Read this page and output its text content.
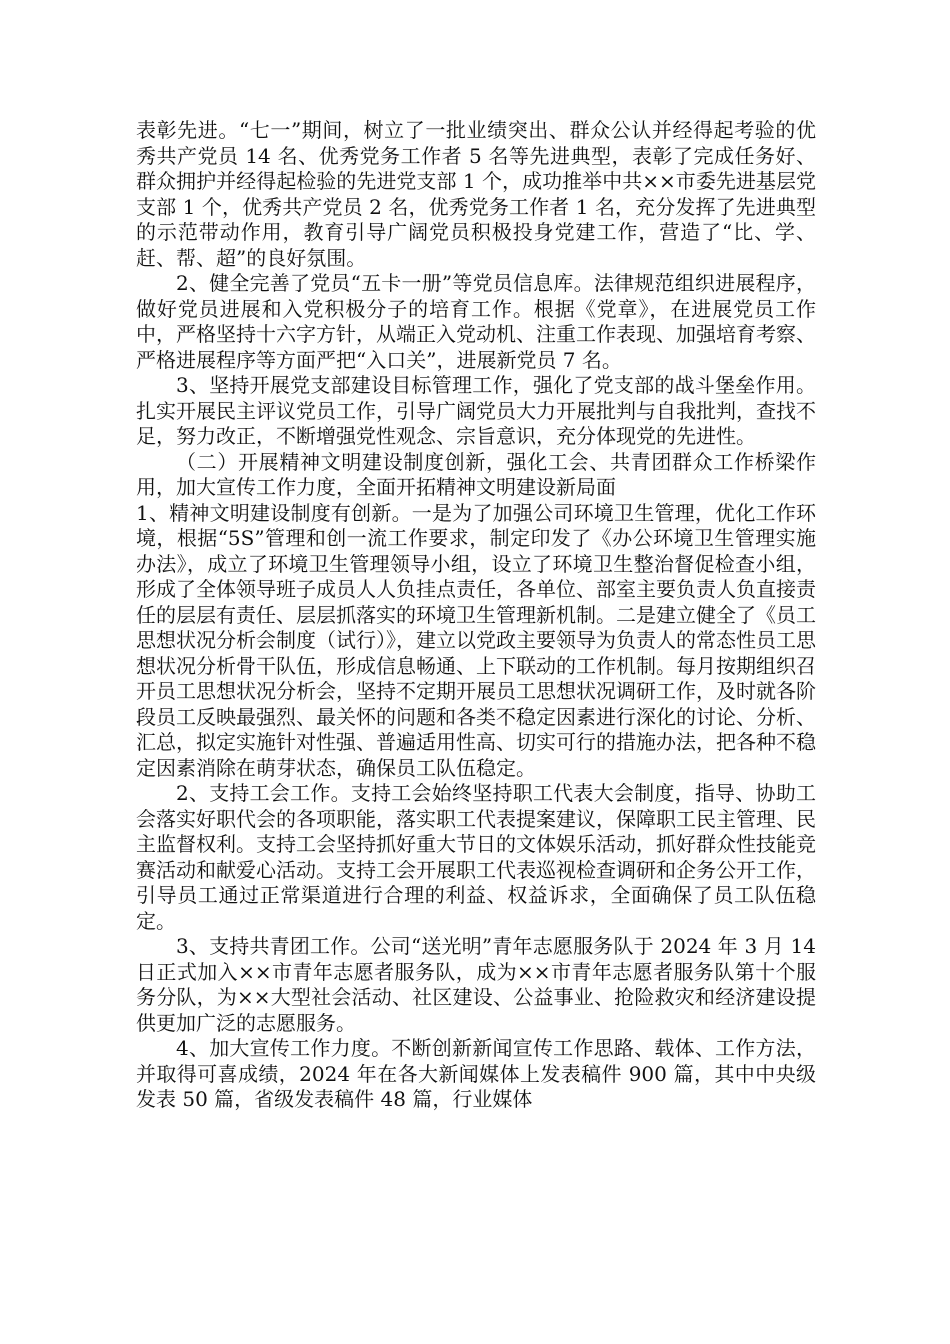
表彰先进。“七一”期间，树立了一批业绩突出、群众公认并经得起考验的优秀共产党员 14 名、优秀党务工作者 5 名等先进典型，表彰了完成任务好、群众拥护并经得起检验的先进党支部 1 个，成功推举中共××市委先进基层党支部 1 个，优秀共产党员 2 名，优秀党务工作者 1 名，充分发挥了先进典型的示范带动作用，教育引导广阔党员积极投身党建工作，营造了“比、学、赶、帮、超”的良好氛围。

2、健全完善了党员“五卡一册”等党员信息库。法律规范组织进展程序，做好党员进展和入党积极分子的培育工作。根据《党章》，在进展党员工作中，严格坚持十六字方针，从端正入党动机、注重工作表现、加强培育考察、严格进展程序等方面严把“入口关”，进展新党员 7 名。

3、坚持开展党支部建设目标管理工作，强化了党支部的战斗堡垒作用。扎实开展民主评议党员工作，引导广阔党员大力开展批判与自我批判，查找不足，努力改正，不断增强党性观念、宗旨意识，充分体现党的先进性。

（二）开展精神文明建设制度创新，强化工会、共青团群众工作桥梁作用，加大宣传工作力度，全面开拓精神文明建设新局面

1、精神文明建设制度有创新。一是为了加强公司环境卫生管理，优化工作环境，根据“5S”管理和创一流工作要求，制定印发了《办公环境卫生管理实施办法》，成立了环境卫生管理领导小组，设立了环境卫生整治督促检查小组，形成了全体领导班子成员人人负挂点责任，各单位、部室主要负责人负直接责任的层层有责任、层层抓落实的环境卫生管理新机制。二是建立健全了《员工思想状况分析会制度（试行）》，建立以党政主要领导为负责人的常态性员工思想状况分析骨干队伍，形成信息畅通、上下联动的工作机制。每月按期组织召开员工思想状况分析会，坚持不定期开展员工思想状况调研工作，及时就各阶段员工反映最强烈、最关怀的问题和各类不稳定因素进行深化的讨论、分析、汇总，拟定实施针对性强、普遍适用性高、切实可行的措施办法，把各种不稳定因素消除在萌芽状态，确保员工队伍稳定。

2、支持工会工作。支持工会始终坚持职工代表大会制度，指导、协助工会落实好职代会的各项职能，落实职工代表提案建议，保障职工民主管理、民主监督权利。支持工会坚持抓好重大节日的文体娱乐活动，抓好群众性技能竞赛活动和献爱心活动。支持工会开展职工代表巡视检查调研和企务公开工作，引导员工通过正常渠道进行合理的利益、权益诉求，全面确保了员工队伍稳定。

3、支持共青团工作。公司“送光明”青年志愿服务队于 2024 年 3 月 14 日正式加入××市青年志愿者服务队，成为××市青年志愿者服务队第十个服务分队，为××大型社会活动、社区建设、公益事业、抢险救灾和经济建设提供更加广泛的志愿服务。

4、加大宣传工作力度。不断创新新闻宣传工作思路、载体、工作方法，并取得可喜成绩，2024 年在各大新闻媒体上发表稿件 900 篇，其中中央级发表 50 篇，省级发表稿件 48 篇，行业媒体
